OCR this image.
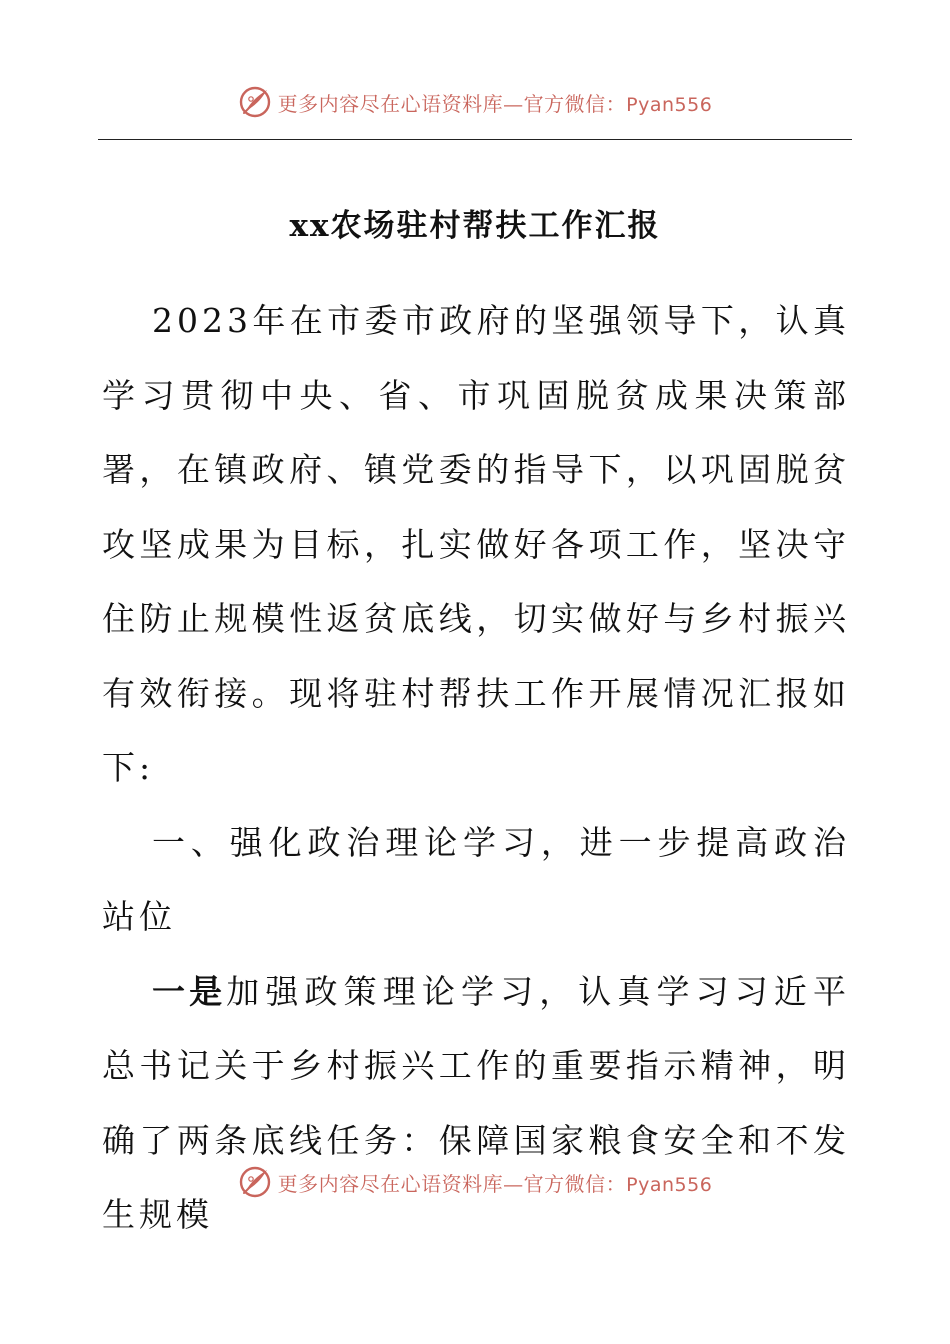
更多内容尽在心语资料库—官方微信：Pyan556
xx农场驻村帮扶工作汇报

2023年在市委市政府的坚强领导下，认真学习贯彻中央、省、市巩固脱贫成果决策部署，在镇政府、镇党委的指导下，以巩固脱贫攻坚成果为目标，扎实做好各项工作，坚决守住防止规模性返贫底线，切实做好与乡村振兴有效衔接。现将驻村帮扶工作开展情况汇报如下:

一、强化政治理论学习，进一步提高政治站位

一是加强政策理论学习，认真学习习近平总书记关于乡村振兴工作的重要指示精神，明确了两条底线任务：保障国家粮食安全和不发生规模

更多内容尽在心语资料库—官方微信：Pyan556
